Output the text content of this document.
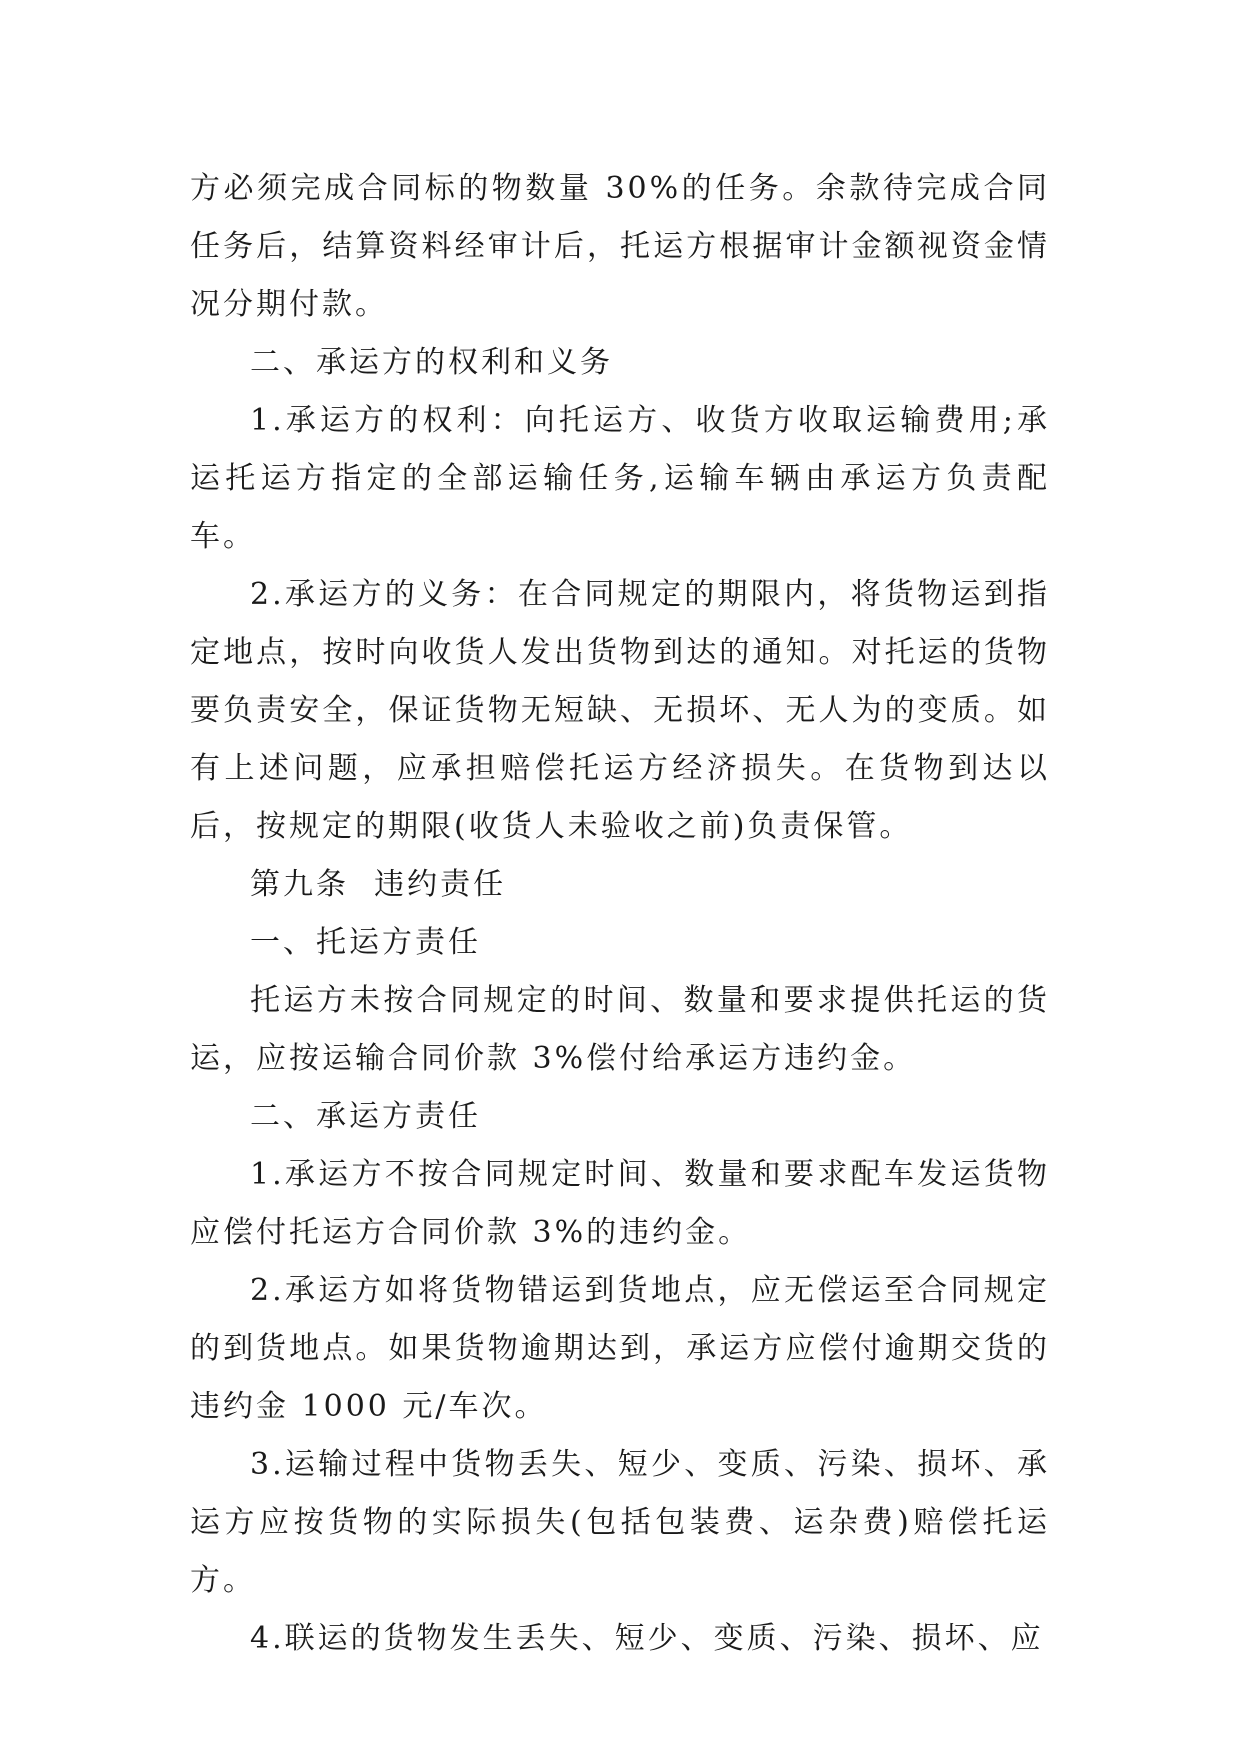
方必须完成合同标的物数量 30%的任务。余款待完成合同任务后，结算资料经审计后，托运方根据审计金额视资金情况分期付款。

二、承运方的权利和义务

1.承运方的权利：向托运方、收货方收取运输费用;承运托运方指定的全部运输任务,运输车辆由承运方负责配车。

2.承运方的义务：在合同规定的期限内，将货物运到指定地点，按时向收货人发出货物到达的通知。对托运的货物要负责安全，保证货物无短缺、无损坏、无人为的变质。如有上述问题，应承担赔偿托运方经济损失。在货物到达以后，按规定的期限(收货人未验收之前)负责保管。

第九条  违约责任

一、托运方责任

托运方未按合同规定的时间、数量和要求提供托运的货运，应按运输合同价款 3%偿付给承运方违约金。

二、承运方责任

1.承运方不按合同规定时间、数量和要求配车发运货物应偿付托运方合同价款 3%的违约金。

2.承运方如将货物错运到货地点，应无偿运至合同规定的到货地点。如果货物逾期达到，承运方应偿付逾期交货的违约金 1000 元/车次。

3.运输过程中货物丢失、短少、变质、污染、损坏、承运方应按货物的实际损失(包括包装费、运杂费)赔偿托运方。

4.联运的货物发生丢失、短少、变质、污染、损坏、应
